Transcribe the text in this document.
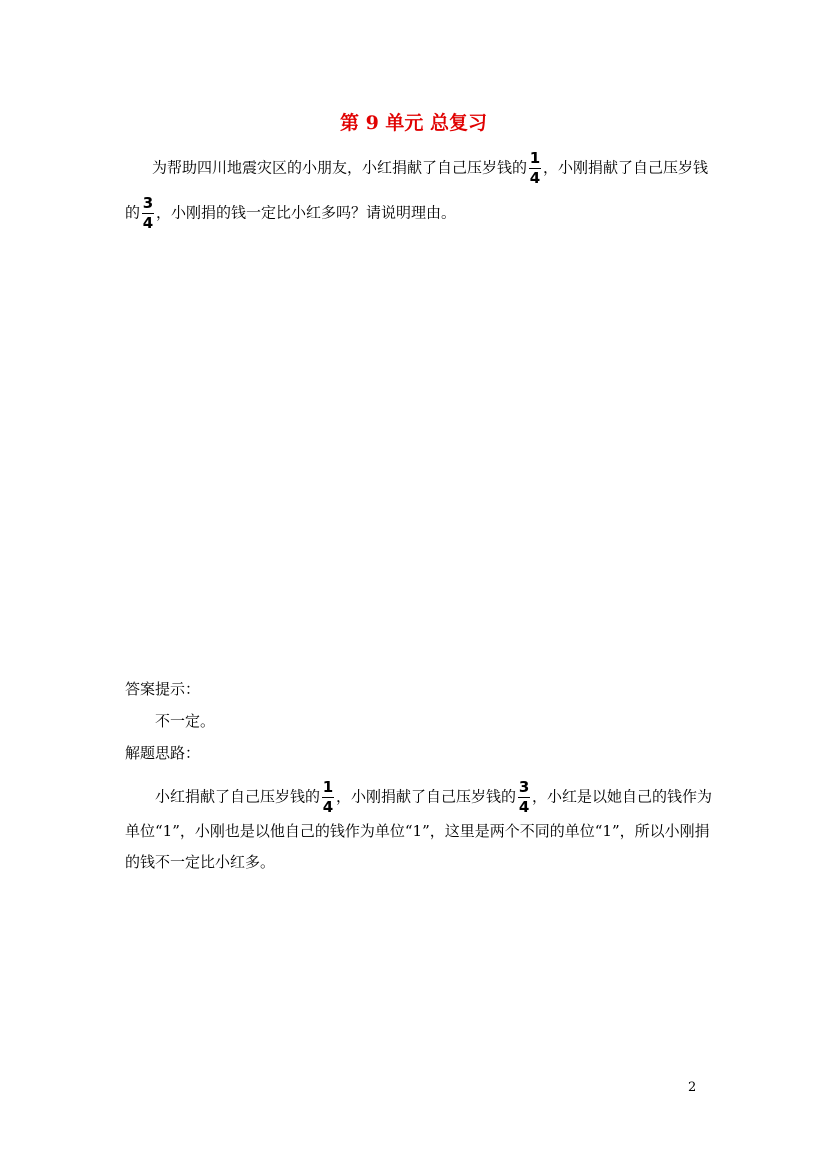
第 9 单元 总复习
为帮助四川地震灾区的小朋友，小红捐献了自己压岁钱的 $\frac{1}{4}$ ，小刚捐献了自己压岁钱
的 $\frac{3}{4}$ ，小刚捐的钱一定比小红多吗？请说明理由。
答案提示：
不一定。
解题思路：
小红捐献了自己压岁钱的 $\frac{1}{4}$ ，小刚捐献了自己压岁钱的 $\frac{3}{4}$ ，小红是以她自己的钱作为
单位“1”，小刚也是以他自己的钱作为单位“1”，这里是两个不同的单位“1”，所以小刚捐
的钱不一定比小红多。
2
